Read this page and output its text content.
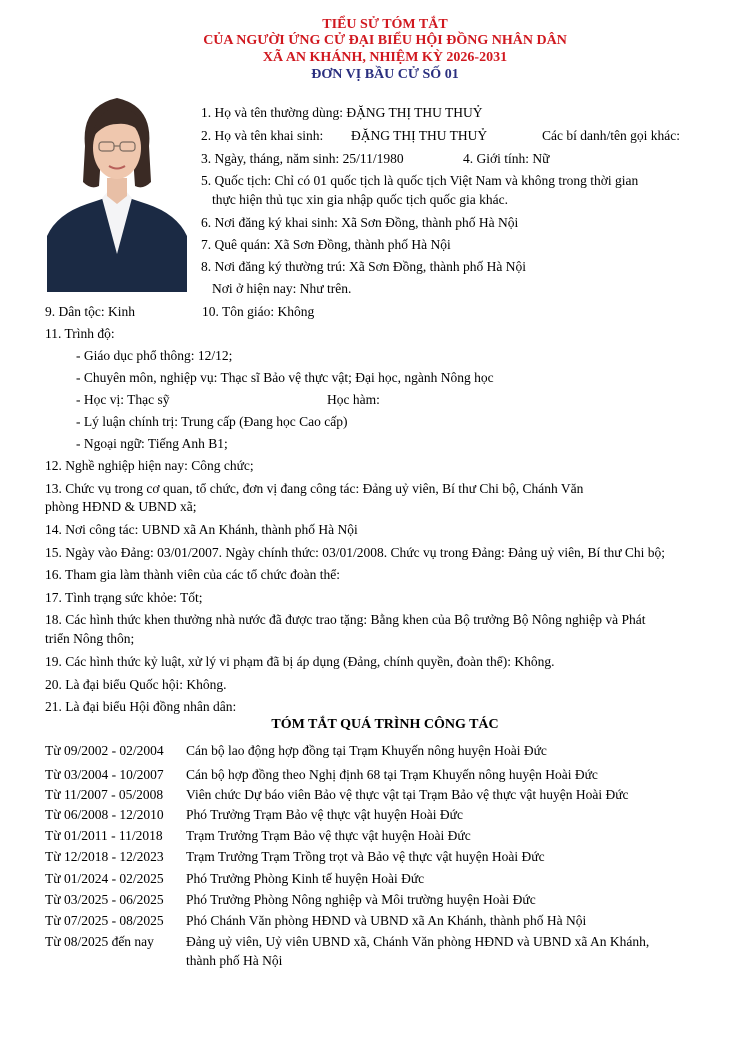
TIỂU SỬ TÓM TẮT
CỦA NGƯỜI ỨNG CỬ ĐẠI BIỂU HỘI ĐỒNG NHÂN DÂN
XÃ AN KHÁNH, NHIỆM KỲ 2026-2031
ĐƠN VỊ BẦU CỬ SỐ 01
1. Họ và tên thường dùng: ĐẶNG THỊ THU THUỶ
2. Họ và tên khai sinh: ĐẶNG THỊ THU THUỶ	Các bí danh/tên gọi khác:
3. Ngày, tháng, năm sinh: 25/11/1980	4. Giới tính: Nữ
5. Quốc tịch: Chỉ có 01 quốc tịch là quốc tịch Việt Nam và không trong thời gian
thực hiện thủ tục xin gia nhập quốc tịch quốc gia khác.
6. Nơi đăng ký khai sinh: Xã Sơn Đồng, thành phố Hà Nội
7. Quê quán: Xã Sơn Đồng, thành phố Hà Nội
8. Nơi đăng ký thường trú: Xã Sơn Đồng, thành phố Hà Nội
Nơi ở hiện nay: Như trên.
9. Dân tộc: Kinh	10. Tôn giáo: Không
11. Trình độ:
- Giáo dục phổ thông: 12/12;
- Chuyên môn, nghiệp vụ: Thạc sĩ Bảo vệ thực vật; Đại học, ngành Nông học
- Học vị: Thạc sỹ	Học hàm:
- Lý luận chính trị: Trung cấp (Đang học Cao cấp)
- Ngoại ngữ: Tiếng Anh B1;
12. Nghề nghiệp hiện nay: Công chức;
13. Chức vụ trong cơ quan, tổ chức, đơn vị đang công tác: Đảng uỷ viên, Bí thư Chi bộ, Chánh Văn
phòng HĐND & UBND xã;
14. Nơi công tác: UBND xã An Khánh, thành phố Hà Nội
15. Ngày vào Đảng: 03/01/2007. Ngày chính thức: 03/01/2008. Chức vụ trong Đảng: Đảng uỷ viên, Bí thư Chi bộ;
16. Tham gia làm thành viên của các tổ chức đoàn thể:
17. Tình trạng sức khỏe: Tốt;
18. Các hình thức khen thưởng nhà nước đã được trao tặng: Bằng khen của Bộ trưởng Bộ Nông nghiệp và Phát
triển Nông thôn;
19. Các hình thức kỷ luật, xử lý vi phạm đã bị áp dụng (Đảng, chính quyền, đoàn thể): Không.
20. Là đại biểu Quốc hội: Không.
21. Là đại biểu Hội đồng nhân dân:
TÓM TẮT QUÁ TRÌNH CÔNG TÁC
Từ 09/2002 - 02/2004 Cán bộ lao động hợp đồng tại Trạm Khuyến nông huyện Hoài Đức
Từ 03/2004 - 10/2007 Cán bộ hợp đồng theo Nghị định 68 tại Trạm Khuyến nông huyện Hoài Đức
Từ 11/2007 - 05/2008 Viên chức Dự báo viên Bảo vệ thực vật tại Trạm Bảo vệ thực vật huyện Hoài Đức
Từ 06/2008 - 12/2010 Phó Trưởng Trạm Bảo vệ thực vật huyện Hoài Đức
Từ 01/2011 - 11/2018 Trạm Trưởng Trạm Bảo vệ thực vật huyện Hoài Đức
Từ 12/2018 - 12/2023 Trạm Trưởng Trạm Trồng trọt và Bảo vệ thực vật huyện Hoài Đức
Từ 01/2024 - 02/2025 Phó Trưởng Phòng Kinh tế huyện Hoài Đức
Từ 03/2025 - 06/2025 Phó Trưởng Phòng Nông nghiệp và Môi trường huyện Hoài Đức
Từ 07/2025 - 08/2025 Phó Chánh Văn phòng HĐND và UBND xã An Khánh, thành phố Hà Nội
Từ 08/2025 đến nay Đảng uỷ viên, Uỷ viên UBND xã, Chánh Văn phòng HĐND và UBND xã An Khánh,
thành phố Hà Nội
